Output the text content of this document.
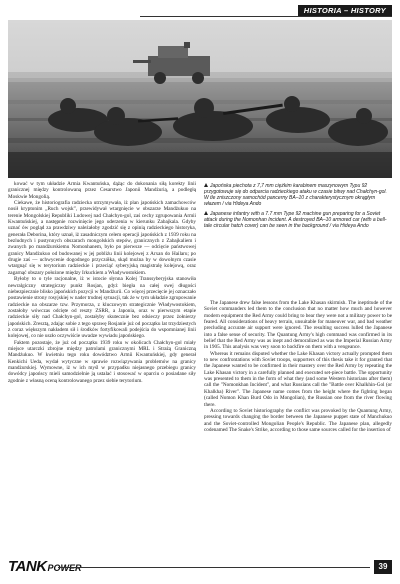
HISTORIA – HISTORY

kować w tym układzie Armia Kwantuńska, dążąc do dokonania siłą korekty linii granicznej między kontrolowaną przez Cesarstwo Japonii Mandżurią, a podległą Moskwie Mongolią.

Ciekawe, że historiografia radziecka utrzymywała, iż plan japońskich zamachowców nosił kryptonim „Ruch wojsk”, przewidywał wtargnięcie w obszarze Mandżukuo na terenie Mongolskiej Republiki Ludowej nad Chałchyn-gol, zaś cechy zgrupowania Armii Kwantuńskiej, a następnie rozwinięcie jego uderzenia w kierunku Zabajkala. Gdyby uznać ów pogląd za prawdziwy należałoby zgodzić się z opinią radzieckiego historyka, generała Deborina, który uznał, iż zasadniczym celem operacji japońskich z 1939 roku na bezludnych i pustynnych obszarach mongolskich stepów, granicznych z Zabajkaliem i zwanych po mandżurskiemu Nomonhanem, było po pierwsze — odcięcie państwowej granicy Mandżukuo od budowanej w jej pobliżu linii kolejowej z Arxan do Hailaru; po drugie zaś — uchwycenie dogodnego przyczółka, skąd można by w dowolnym czasie wtargnąć się w terytorium radzieckie i przeciąć syberyjską magistralę kolejową, oraz zagarnąć obszary położone między Irkuckiem a Władywostokiem.

Byłoby to o tyle racjonalne, iż w istocie słynna Kolej Transsyberyjska stanowiła newralgiczny strategiczny punkt Rosjan, gdyż biegła na całej swej długości niebezpiecznie blisko japońskich pozycji w Mandżurii. Co więcej przecięcie jej oznaczało postawienie strony rosyjskiej w nader trudnej sytuacji, tak że w tym układzie zgrupowanie radzieckie na obszarze tzw. Przymorza, z kluczowym strategicznie Władywostokiem, zostałoby wówczas odcięte od reszty ZSRR, a Japonia, oraz w pierwszym etapie radzieckie siły nad Chałchyn-gol, zostałyby skutecznie bez odsieczy przez żołnierzy japońskich. Zresztą, zdając sobie z tego sprawę Rosjanie już od początku lat trzydziestych z coraz większym nakładem sił i środków fortyfikowali podejścia do wspomnianej linii kolejowej, co nie uszło oczywiście uwadze wywiadu japońskiego.

Faktem pozostaje, że już od początku 1939 roku w okolicach Chałchyn-gol miały miejsce utarczki zbrojne między patrolami granicznymi MRL i Strażą Graniczną Mandżukuo. W kwietniu tego roku dowództwo Armii Kwantuńskiej, gdy generał Kenkichi Ueda, wydał wytyczne w sprawie rozwiązywania problemów na granicy mandżurskiej. Wymowne, iż w ich myśl w przypadku niejasnego przebiegu granicy dowódcy japońscy mieli samodzielnie ją ustalać i stosować w oparciu o posiadane siły zgodnie z własną oceną kontrolowanego przez siebie terytorium.

Japońska piechota z 7,7 mm ciężkim karabinem maszynowym Typu 92 przygotowuje się do odparcia radzieckiego ataku w czasie bitwy nad Chałchyn-gol. W tle zniszczony samochód pancerny BA–10 z charakterystycznym okrągłym włazem / via Hideya Ando

Japanese infantry with a 7.7 mm Type 92 machine gun preparing for a Soviet attack during the Nomonhan Incident. A destroyed BA–10 armored car (with a bell-tale circular hatch cover) can be seen in the background / via Hideya Ando

The Japanese drew false lessons from the Lake Khasan skirmish. The ineptitude of the Soviet commanders led them to the conclusion that no matter how much and however modern equipment the Red Army could bring to bear they were not a military power to be feared. All considerations of heavy terrain, unsuitable for maneuver war, and bad weather precluding accurate air support were ignored. The resulting success lulled the Japanese into a false sense of security. The Quantung Army's high command was confirmed in its belief that the Red Army was as inept and demoralized as was the Imperial Russian Army in 1905. This analysis was very soon to backfire on them with a vengeance.

Whereas it remains disputed whether the Lake Khasan victory actually prompted them to new confrontations with Soviet troops, supporters of this thesis take it for granted that the Japanese wanted to be confirmed in their mastery over the Red Army by repeating the Lake Khasan victory in a carefully planned and executed set-piece battle. The opportunity was presented to them in the form of what they (and some Western historians after them) call the "Nomonkhan Incident", and what Russians call the "Battle over Khalkhin-Gol (or Khalkha) River". The Japanese name comes from the height where the fighting began (called Nomon Khan Burd Odo in Mongolian), the Russian one from the river flowing there.

According to Soviet historiography the conflict was provoked by the Quantung Army, pressing towards changing the border between the Japanese puppet state of Manchukuo and the Soviet-controlled Mongolian People's Republic. The Japanese plan, allegedly codenamed The Snake's Strike, according to those same sources called for the insertion of

TANK POWER	39
